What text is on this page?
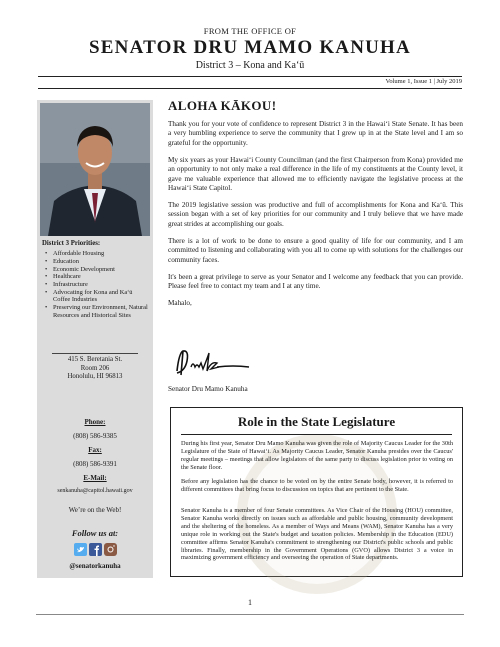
FROM THE OFFICE OF
SENATOR DRU MAMO KANUHA
District 3 – Kona and Ka‘ū
Volume 1, Issue 1 | July 2019
District 3 Priorities:
• Affordable Housing
• Education
• Economic Development
• Healthcare
• Infrastructure
• Advocating for Kona and Ka‘ū Coffee Industries
• Preserving our Environment, Natural Resources and Historical Sites
415 S. Beretania St.
Room 206
Honolulu, HI 96813
Phone:
(808) 586-9385
Fax:
(808) 586-9391
E-Mail:
senkanuha@capitol.hawaii.gov
We’re on the Web!
Follow us at:
@senatorkanuha
ALOHA KĀKOU!
Thank you for your vote of confidence to represent District 3 in the Hawai‘i State Senate. It has been a very humbling experience to serve the community that I grew up in at the State level and I am so grateful for the opportunity.
My six years as your Hawai‘i County Councilman (and the first Chairperson from Kona) provided me an opportunity to not only make a real difference in the life of my constituents at the County level, it gave me valuable experience that allowed me to efficiently navigate the legislative process at the Hawai‘i State Capitol.
The 2019 legislative session was productive and full of accomplishments for Kona and Ka‘ū. This session began with a set of key priorities for our community and I truly believe that we have made great strides at accomplishing our goals.
There is a lot of work to be done to ensure a good quality of life for our community, and I am committed to listening and collaborating with you all to come up with solutions for the challenges our community faces.
It's been a great privilege to serve as your Senator and I welcome any feedback that you can provide. Please feel free to contact my team and I at any time.
Mahalo,
Senator Dru Mamo Kanuha
Role in the State Legislature
During his first year, Senator Dru Mamo Kanuha was given the role of Majority Caucus Leader for the 30th Legislature of the State of Hawai‘i. As Majority Caucus Leader, Senator Kanuha presides over the Caucus' regular meetings – meetings that allow legislators of the same party to discuss legislation prior to voting on the Senate floor.
Before any legislation has the chance to be voted on by the entire Senate body, however, it is referred to different committees that bring focus to discussion on topics that are pertinent to the State.
Senator Kanuha is a member of four Senate committees. As Vice Chair of the Housing (HOU) committee, Senator Kanuha works directly on issues such as affordable and public housing, community development and the sheltering of the homeless. As a member of Ways and Means (WAM), Senator Kanuha has a very unique role in working out the State's budget and taxation policies. Membership in the Education (EDU) committee affirms Senator Kanuha's commitment to strengthening our District's public schools and public libraries. Finally, membership in the Government Operations (GVO) allows District 3 a voice in maximizing government efficiency and overseeing the operation of State departments.
1
